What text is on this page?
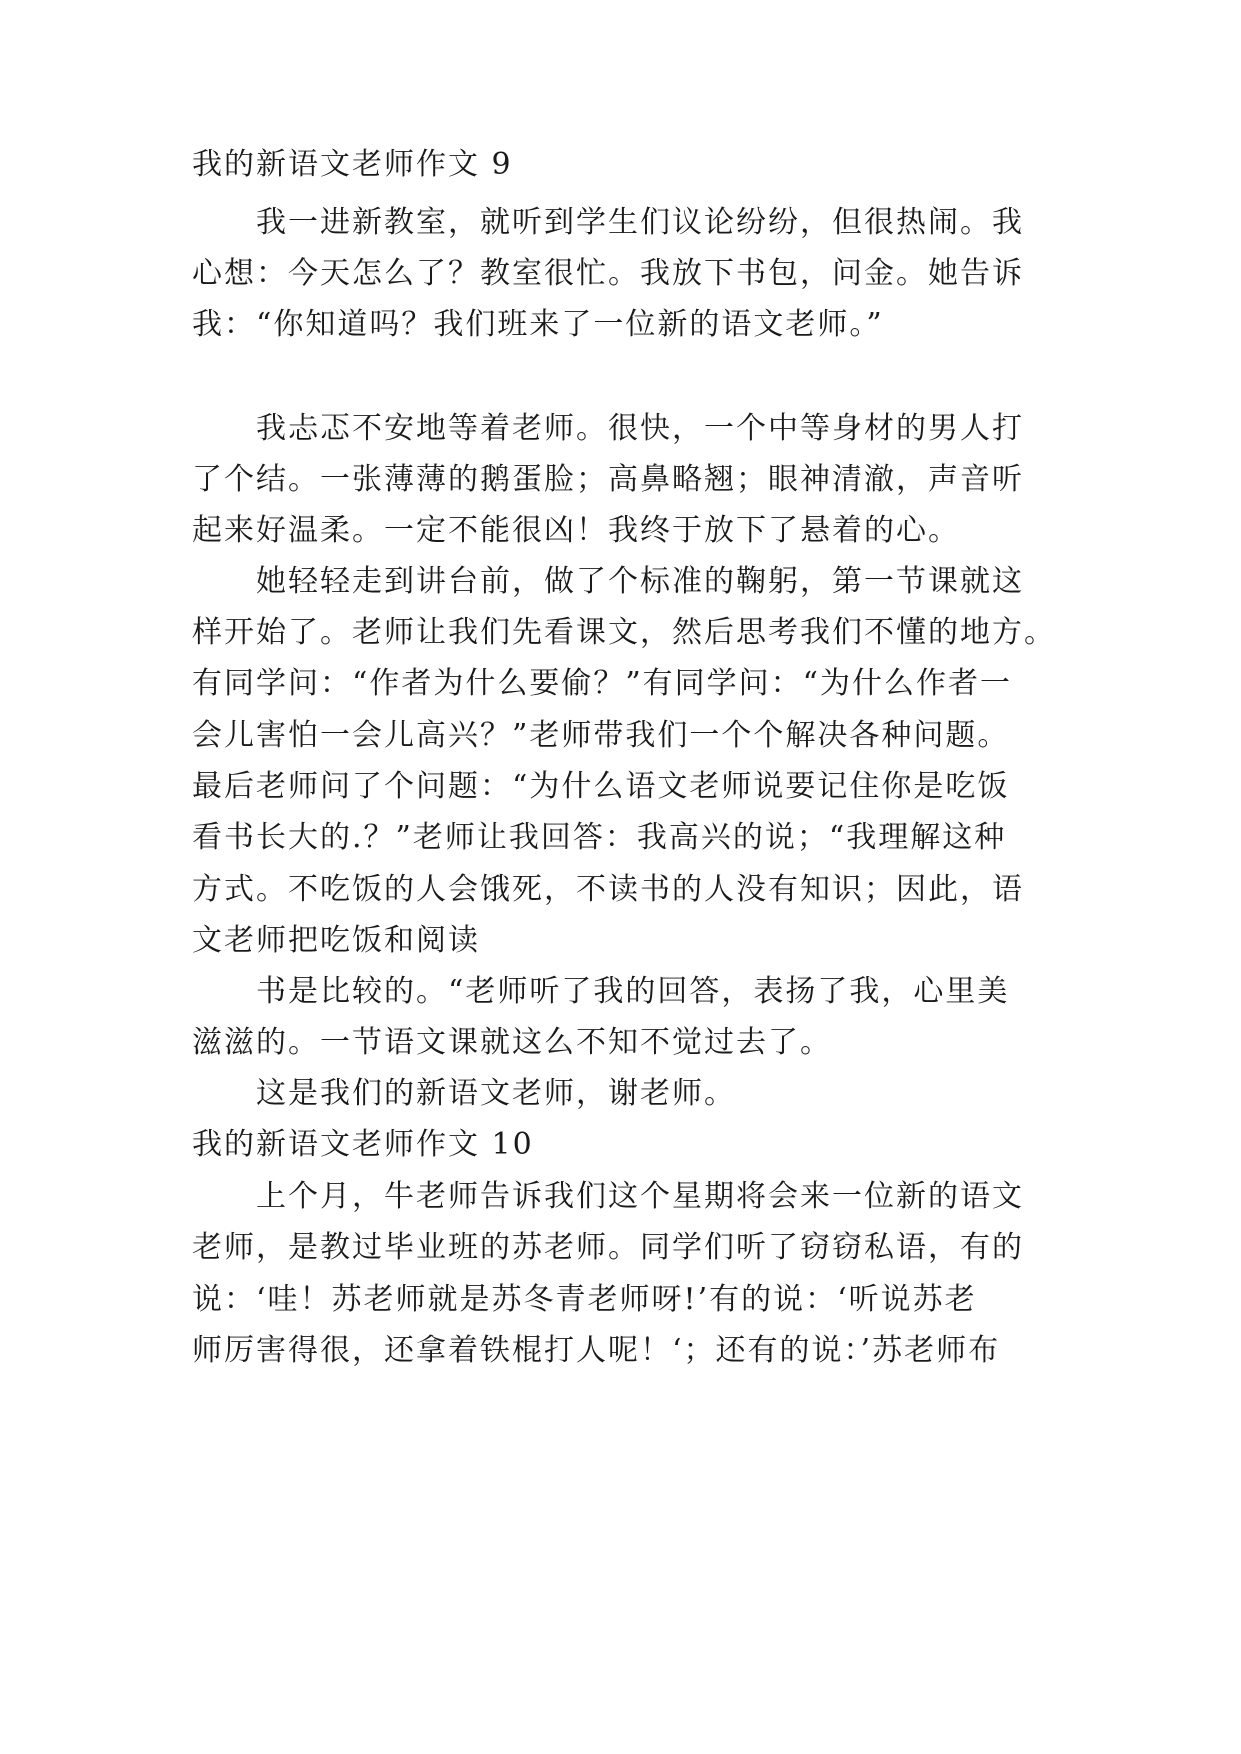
我的新语文老师作文 9
我一进新教室，就听到学生们议论纷纷，但很热闹。我
心想：今天怎么了？教室很忙。我放下书包，问金。她告诉
我：“你知道吗？我们班来了一位新的语文老师。”
我忐忑不安地等着老师。很快，一个中等身材的男人打
了个结。一张薄薄的鹅蛋脸；高鼻略翘；眼神清澈，声音听
起来好温柔。一定不能很凶！我终于放下了悬着的心。
她轻轻走到讲台前，做了个标准的鞠躬，第一节课就这
样开始了。老师让我们先看课文，然后思考我们不懂的地方。
有同学问：“作者为什么要偷？”有同学问：“为什么作者一
会儿害怕一会儿高兴？”老师带我们一个个解决各种问题。
最后老师问了个问题：“为什么语文老师说要记住你是吃饭
看书长大的.？”老师让我回答：我高兴的说；“我理解这种
方式。不吃饭的人会饿死，不读书的人没有知识；因此，语
文老师把吃饭和阅读
书是比较的。“老师听了我的回答，表扬了我，心里美
滋滋的。一节语文课就这么不知不觉过去了。
这是我们的新语文老师，谢老师。
我的新语文老师作文 10
上个月，牛老师告诉我们这个星期将会来一位新的语文
老师，是教过毕业班的苏老师。同学们听了窃窃私语，有的
说：‘哇！苏老师就是苏冬青老师呀!’有的说：‘听说苏老
师厉害得很，还拿着铁棍打人呢！‘；还有的说：’苏老师布
